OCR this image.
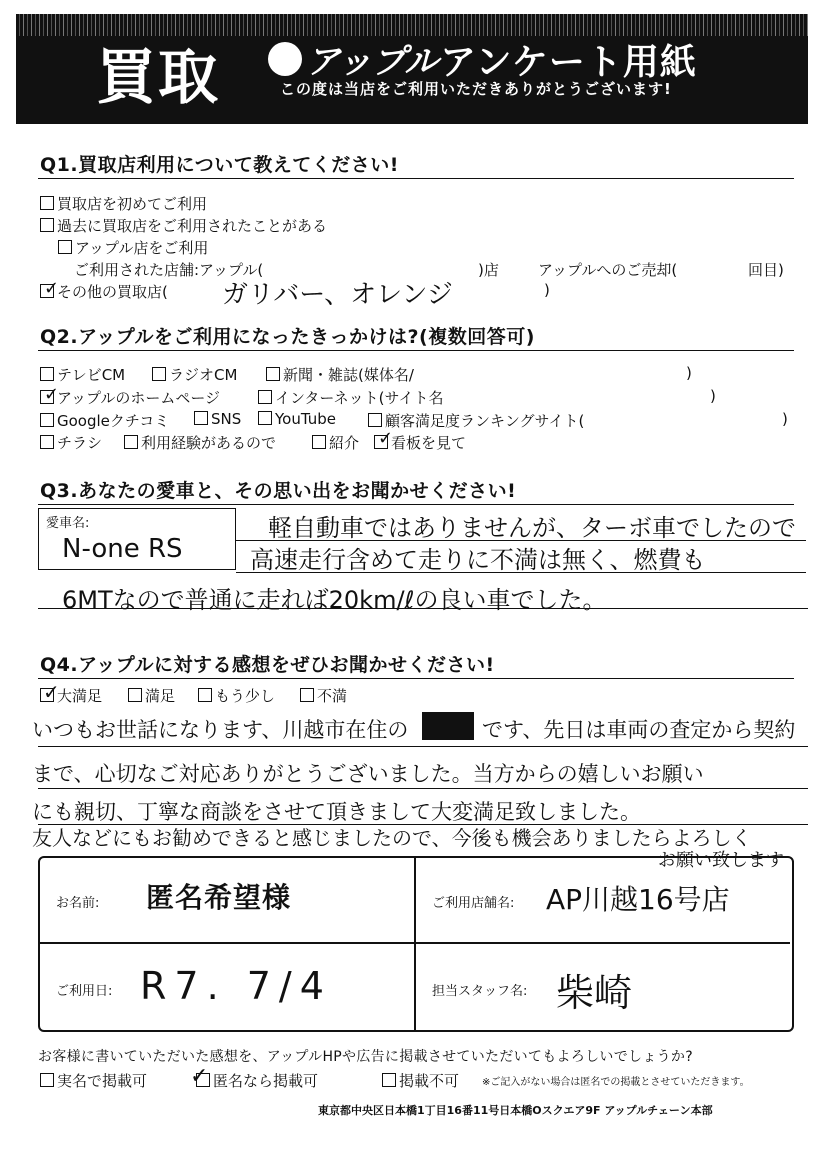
買取	アップル アンケート用紙
この度は当店をご利用いただきありがとうございます!
Q1.買取店利用について教えてください!
買取店を初めてご利用
過去に買取店をご利用されたことがある
アップル店をご利用
ご利用された店舗:アップル(	)店	アップルへのご売却(	回目)
その他の買取店(
✓	ガリバー、オレンジ	)
Q2.アップルをご利用になったきっかけは?(複数回答可)
テレビCM	ラジオCM	新聞・雑誌(媒体名/	)
アップルのホームページ
✓	インターネット(サイト名	)
Googleクチコミ	SNS	YouTube	顧客満足度ランキングサイト(	)
チラシ	利用経験があるので	紹介	看板を見て
✓
Q3.あなたの愛車と、その思い出をお聞かせください!
愛車名:
N-one RS
軽自動車ではありませんが、ターボ車でしたので
高速走行含めて走りに不満は無く、燃費も
6MTなので普通に走れば20km/ℓの良い車でした。
Q4.アップルに対する感想をぜひお聞かせください!
大満足
✓	満足	もう少し	不満
いつもお世話になります、川越市在住の	です、先日は車両の査定から契約
まで、心切なご対応ありがとうございました。当方からの嬉しいお願い
にも親切、丁寧な商談をさせて頂きまして大変満足致しました。
友人などにもお勧めできると感じましたので、今後も機会ありましたらよろしく
お願い致します
お名前: 匿名希望様	ご利用店舗名: AP川越16号店
ご利用日: R7. 7/4	担当スタッフ名: 柴崎
お客様に書いていただいた感想を、アップルHPや広告に掲載させていただいてもよろしいでしょうか?
実名で掲載可	匿名なら掲載可
✓	掲載不可 ※ご記入がない場合は匿名での掲載とさせていただきます。
東京都中央区日本橋1丁目16番11号日本橋Oスクエア9F アップルチェーン本部
